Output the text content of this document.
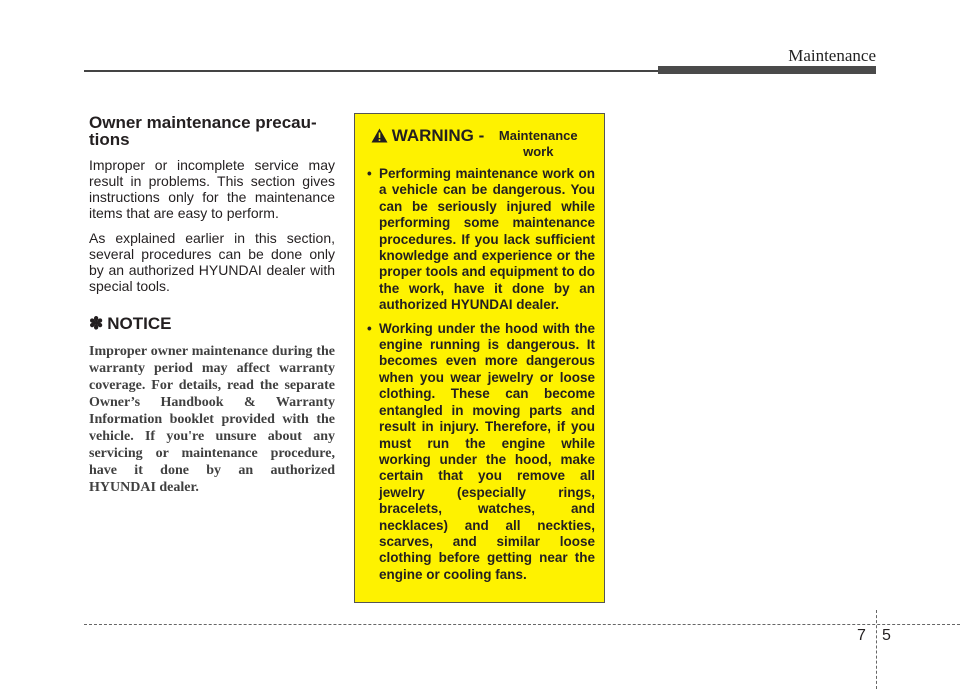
Maintenance
Owner maintenance precau-
tions

Improper or incomplete service may result in problems. This section gives instructions only for the maintenance items that are easy to perform.

As explained earlier in this section, several procedures can be done only by an authorized HYUNDAI dealer with special tools.

✽ NOTICE

Improper owner maintenance during the warranty period may affect warranty coverage. For details, read the separate Owner’s Handbook & Warranty Information booklet provided with the vehicle. If you're unsure about any servicing or maintenance procedure, have it done by an authorized HYUNDAI dealer.

WARNING -	Maintenance work
• Performing maintenance work on a vehicle can be dangerous. You can be seriously injured while performing some maintenance procedures. If you lack sufficient knowledge and experience or the proper tools and equipment to do the work, have it done by an authorized HYUNDAI dealer.
• Working under the hood with the engine running is dangerous. It becomes even more dangerous when you wear jewelry or loose clothing. These can become entangled in moving parts and result in injury. Therefore, if you must run the engine while working under the hood, make certain that you remove all jewelry (especially rings, bracelets, watches, and necklaces) and all neckties, scarves, and similar loose clothing before getting near the engine or cooling fans.
7 5
